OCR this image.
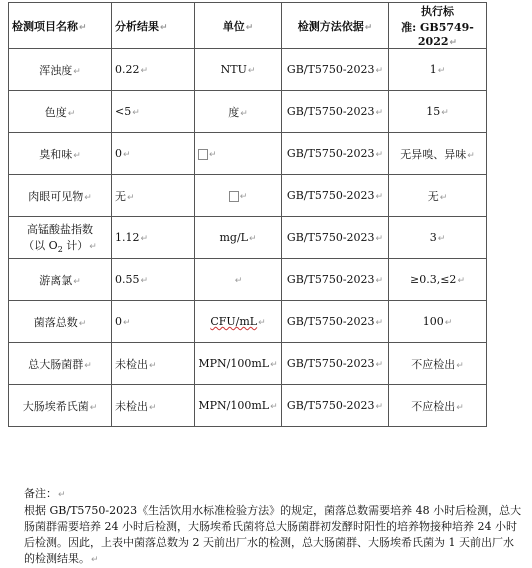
检测项目名称↵	分析结果↵	单位↵	检测方法依据↵	执行标
准: GB5749-2022↵
浑浊度↵	0.22↵	NTU↵	GB/T5750-2023↵	1↵
色度↵	<5↵	度↵	GB/T5750-2023↵	15↵
臭和味↵	0↵	↵	GB/T5750-2023↵	无异嗅、异味↵
肉眼可见物↵	无↵	↵	GB/T5750-2023↵	无↵
高锰酸盐指数
（以 $O_2$ 计）↵	1.12↵	mg/L↵	GB/T5750-2023↵	3↵
游离氯↵	0.55↵	↵	GB/T5750-2023↵	≥0.3,≤2↵
菌落总数↵	0↵	CFU/mL↵	GB/T5750-2023↵	100↵
总大肠菌群↵	未检出↵	MPN/100mL↵	GB/T5750-2023↵	不应检出↵
大肠埃希氏菌↵	未检出↵	MPN/100mL↵	GB/T5750-2023↵	不应检出↵

备注：↵

根据 GB/T5750-2023《生活饮用水标准检验方法》的规定，菌落总数需要培养 48 小时后检测，总大肠菌群需要培养 24 小时后检测，大肠埃希氏菌将总大肠菌群初发酵时阳性的培养物接种培养 24 小时后检测。因此，上表中菌落总数为 2 天前出厂水的检测，总大肠菌群、大肠埃希氏菌为 1 天前出厂水的检测结果。↵
